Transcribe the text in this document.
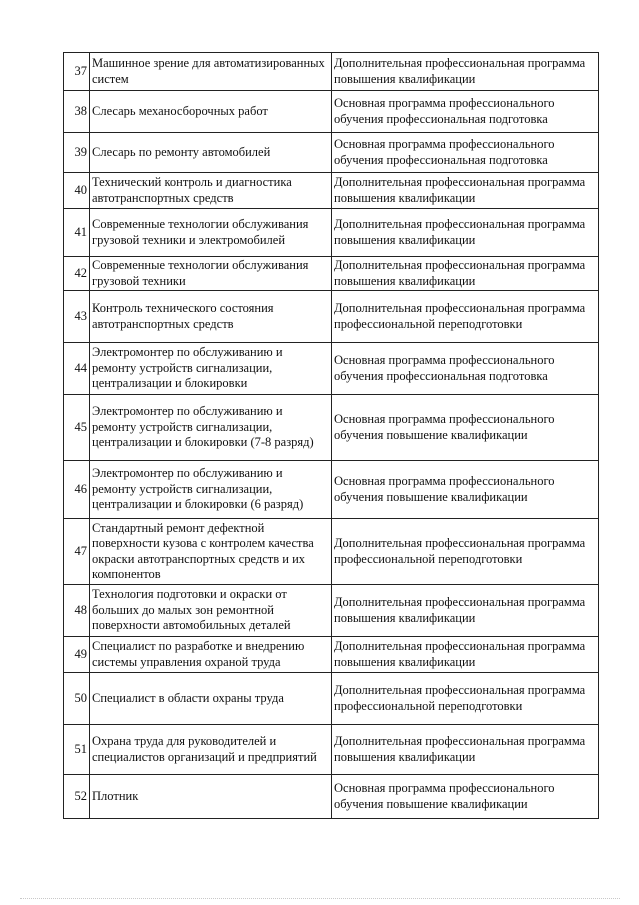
37	Машинное зрение для автоматизированных систем	Дополнительная профессиональная программа повышения квалификации
38	Слесарь механосборочных работ	Основная программа профессионального обучения профессиональная подготовка
39	Слесарь по ремонту автомобилей	Основная программа профессионального обучения профессиональная подготовка
40	Технический контроль и диагностика автотранспортных средств	Дополнительная профессиональная программа повышения квалификации
41	Современные технологии обслуживания грузовой техники и электромобилей	Дополнительная профессиональная программа повышения квалификации
42	Современные технологии обслуживания грузовой техники	Дополнительная профессиональная программа повышения квалификации
43	Контроль технического состояния автотранспортных средств	Дополнительная профессиональная программа профессиональной переподготовки
44	Электромонтер по обслуживанию и ремонту устройств сигнализации, централизации и блокировки	Основная программа профессионального обучения профессиональная подготовка
45	Электромонтер по обслуживанию и ремонту устройств сигнализации, централизации и блокировки (7-8 разряд)	Основная программа профессионального обучения повышение квалификации
46	Электромонтер по обслуживанию и ремонту устройств сигнализации, централизации и блокировки (6 разряд)	Основная программа профессионального обучения повышение квалификации
47	Стандартный ремонт дефектной поверхности кузова с контролем качества окраски автотранспортных средств и их компонентов	Дополнительная профессиональная программа профессиональной переподготовки
48	Технология подготовки и окраски от больших до малых зон ремонтной поверхности автомобильных деталей	Дополнительная профессиональная программа повышения квалификации
49	Специалист по разработке и внедрению системы управления охраной труда	Дополнительная профессиональная программа повышения квалификации
50	Специалист в области охраны труда	Дополнительная профессиональная программа профессиональной переподготовки
51	Охрана труда для руководителей и специалистов организаций и предприятий	Дополнительная профессиональная программа повышения квалификации
52	Плотник	Основная программа профессионального обучения повышение квалификации
